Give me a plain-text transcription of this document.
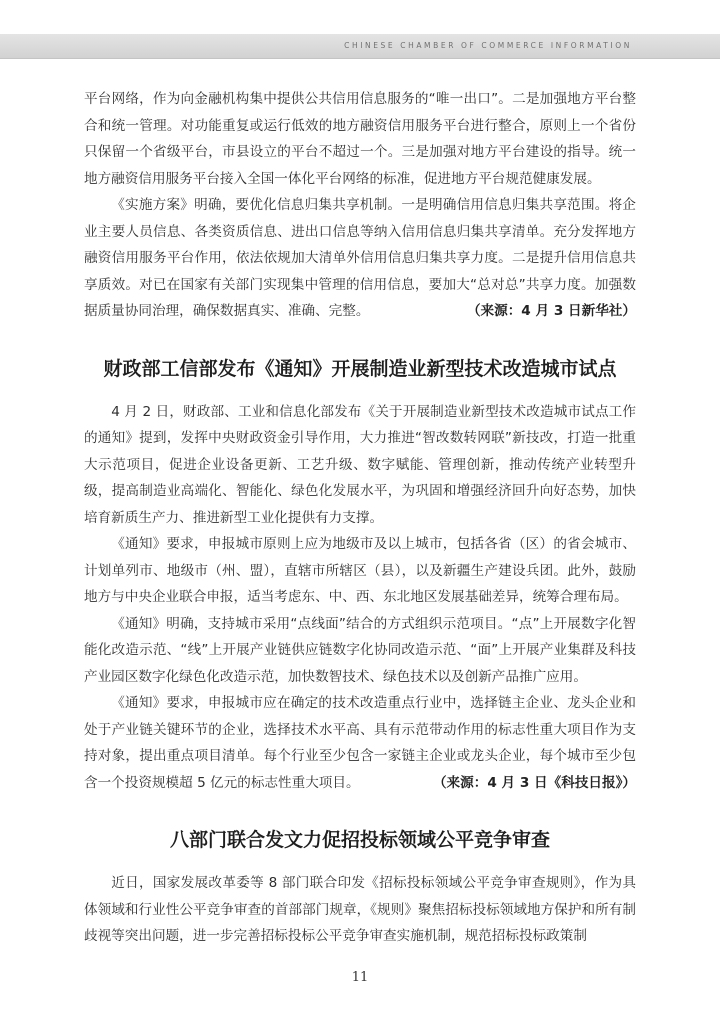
CHINESE CHAMBER OF COMMERCE INFORMATION

平台网络，作为向金融机构集中提供公共信用信息服务的“唯一出口”。二是加强地方平台整合和统一管理。对功能重复或运行低效的地方融资信用服务平台进行整合，原则上一个省份只保留一个省级平台，市县设立的平台不超过一个。三是加强对地方平台建设的指导。统一地方融资信用服务平台接入全国一体化平台网络的标准，促进地方平台规范健康发展。

《实施方案》明确，要优化信息归集共享机制。一是明确信用信息归集共享范围。将企业主要人员信息、各类资质信息、进出口信息等纳入信用信息归集共享清单。充分发挥地方融资信用服务平台作用，依法依规加大清单外信用信息归集共享力度。二是提升信用信息共享质效。对已在国家有关部门实现集中管理的信用信息，要加大“总对总”共享力度。加强数据质量协同治理，确保数据真实、准确、完整。	（来源：4 月 3 日新华社）

财政部工信部发布《通知》开展制造业新型技术改造城市试点

4 月 2 日，财政部、工业和信息化部发布《关于开展制造业新型技术改造城市试点工作的通知》提到，发挥中央财政资金引导作用，大力推进“智改数转网联”新技改，打造一批重大示范项目，促进企业设备更新、工艺升级、数字赋能、管理创新，推动传统产业转型升级，提高制造业高端化、智能化、绿色化发展水平，为巩固和增强经济回升向好态势，加快培育新质生产力、推进新型工业化提供有力支撑。

《通知》要求，申报城市原则上应为地级市及以上城市，包括各省（区）的省会城市、计划单列市、地级市（州、盟），直辖市所辖区（县），以及新疆生产建设兵团。此外，鼓励地方与中央企业联合申报，适当考虑东、中、西、东北地区发展基础差异，统筹合理布局。

《通知》明确，支持城市采用“点线面”结合的方式组织示范项目。“点”上开展数字化智能化改造示范、“线”上开展产业链供应链数字化协同改造示范、“面”上开展产业集群及科技产业园区数字化绿色化改造示范，加快数智技术、绿色技术以及创新产品推广应用。

《通知》要求，申报城市应在确定的技术改造重点行业中，选择链主企业、龙头企业和处于产业链关键环节的企业，选择技术水平高、具有示范带动作用的标志性重大项目作为支持对象，提出重点项目清单。每个行业至少包含一家链主企业或龙头企业，每个城市至少包含一个投资规模超 5 亿元的标志性重大项目。	（来源：4 月 3 日《科技日报》）

八部门联合发文力促招投标领域公平竞争审查

近日，国家发展改革委等 8 部门联合印发《招标投标领域公平竞争审查规则》，作为具体领域和行业性公平竞争审查的首部部门规章，《规则》聚焦招标投标领域地方保护和所有制歧视等突出问题，进一步完善招标投标公平竞争审查实施机制，规范招标投标政策制

11
